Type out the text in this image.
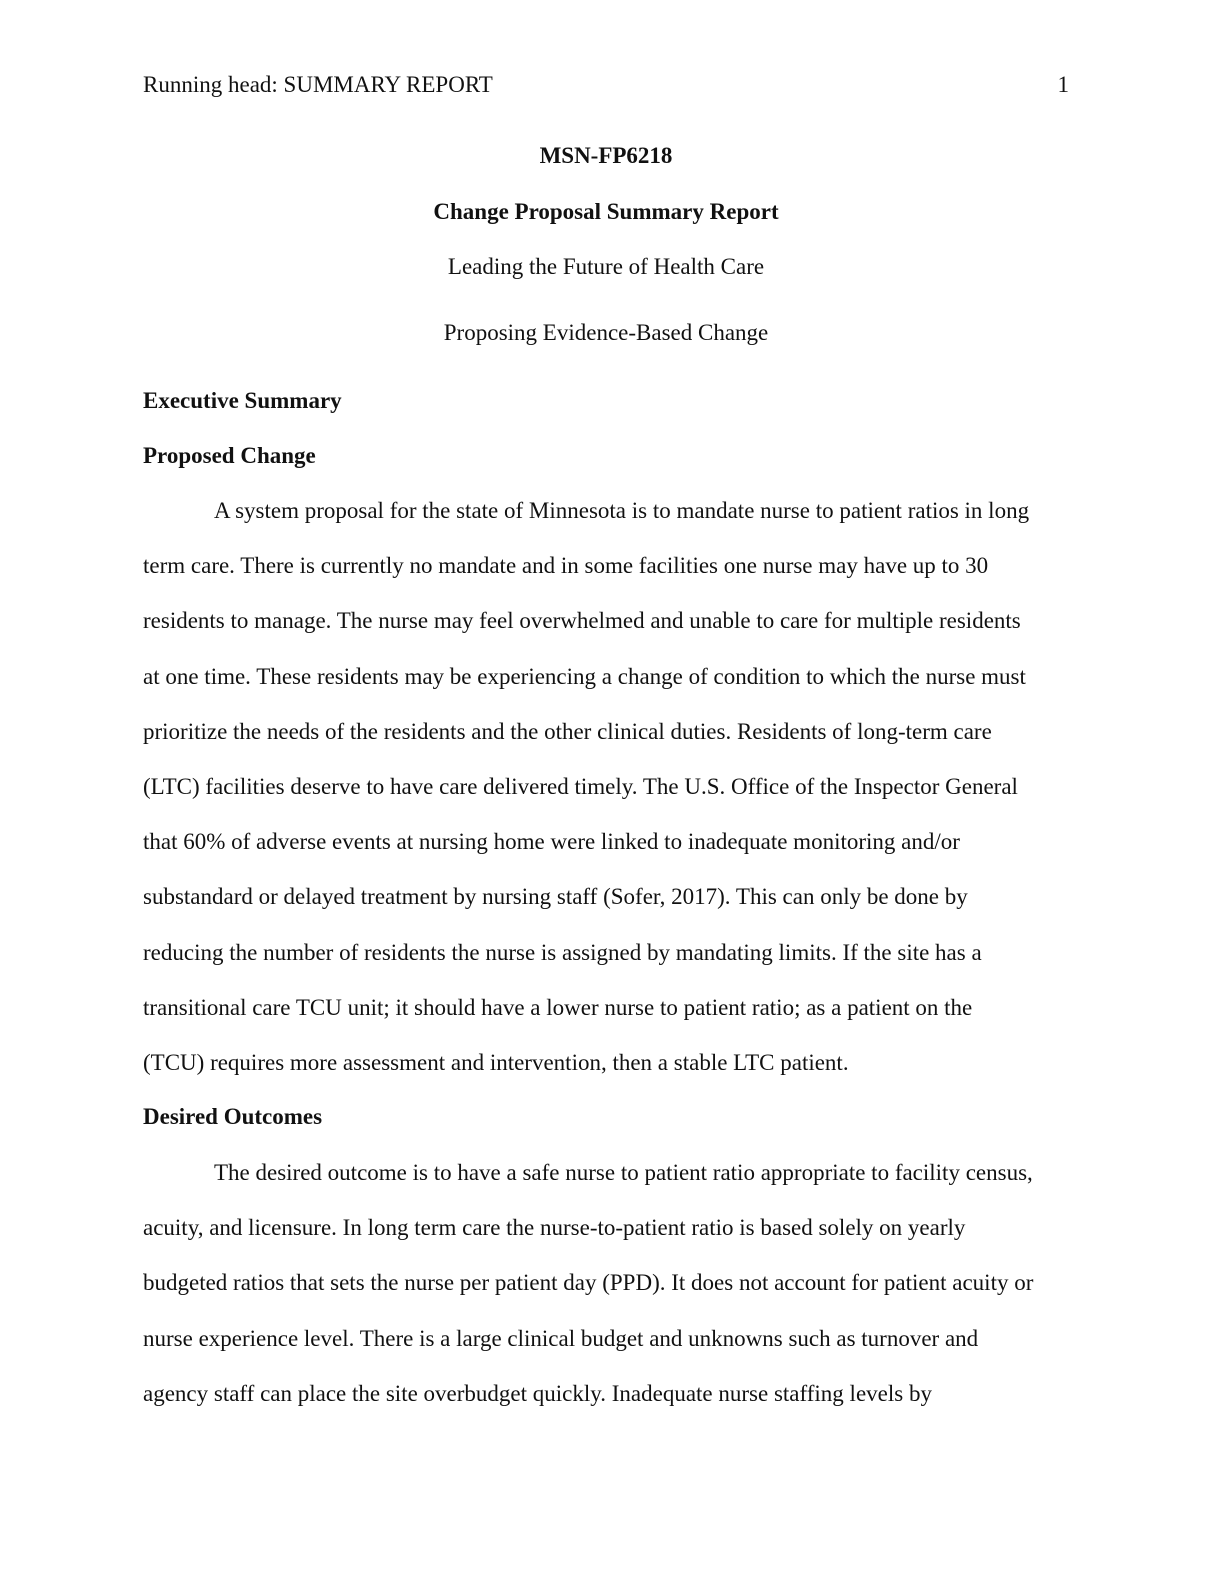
Running head: SUMMARY REPORT	1
MSN-FP6218
Change Proposal Summary Report
Leading the Future of Health Care
Proposing Evidence-Based Change
Executive Summary
Proposed Change
A system proposal for the state of Minnesota is to mandate nurse to patient ratios in long
term care. There is currently no mandate and in some facilities one nurse may have up to 30
residents to manage. The nurse may feel overwhelmed and unable to care for multiple residents
at one time. These residents may be experiencing a change of condition to which the nurse must
prioritize the needs of the residents and the other clinical duties. Residents of long-term care
(LTC) facilities deserve to have care delivered timely. The U.S. Office of the Inspector General
that 60% of adverse events at nursing home were linked to inadequate monitoring and/or
substandard or delayed treatment by nursing staff (Sofer, 2017). This can only be done by
reducing the number of residents the nurse is assigned by mandating limits. If the site has a
transitional care TCU unit; it should have a lower nurse to patient ratio; as a patient on the
(TCU) requires more assessment and intervention, then a stable LTC patient.
Desired Outcomes
The desired outcome is to have a safe nurse to patient ratio appropriate to facility census,
acuity, and licensure. In long term care the nurse-to-patient ratio is based solely on yearly
budgeted ratios that sets the nurse per patient day (PPD). It does not account for patient acuity or
nurse experience level. There is a large clinical budget and unknowns such as turnover and
agency staff can place the site overbudget quickly. Inadequate nurse staffing levels by
